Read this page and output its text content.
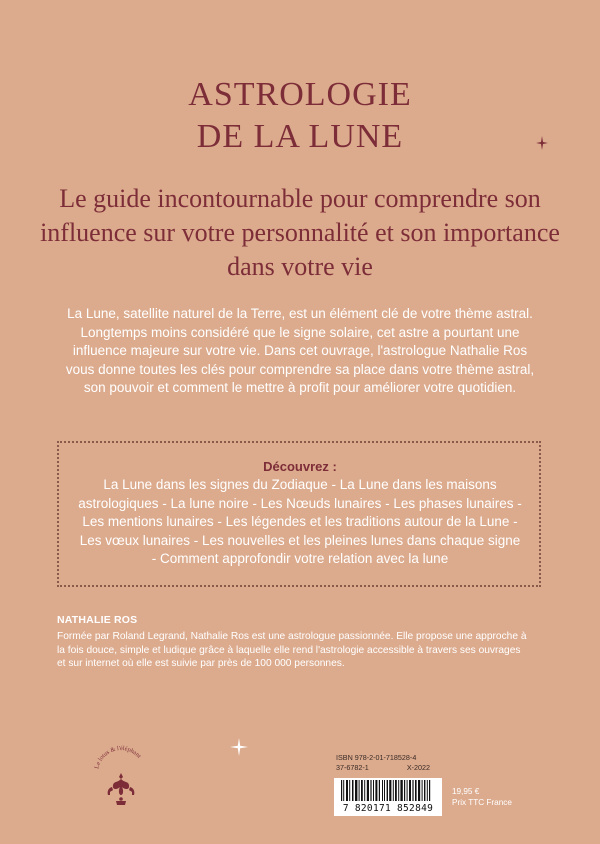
ASTROLOGIE
DE LA LUNE
Le guide incontournable pour comprendre son influence sur votre personnalité et son importance dans votre vie
La Lune, satellite naturel de la Terre, est un élément clé de votre thème astral. Longtemps moins considéré que le signe solaire, cet astre a pourtant une influence majeure sur votre vie. Dans cet ouvrage, l'astrologue Nathalie Ros vous donne toutes les clés pour comprendre sa place dans votre thème astral, son pouvoir et comment le mettre à profit pour améliorer votre quotidien.
Découvrez :
La Lune dans les signes du Zodiaque - La Lune dans les maisons astrologiques - La lune noire - Les Nœuds lunaires - Les phases lunaires - Les mentions lunaires - Les légendes et les traditions autour de la Lune - Les vœux lunaires - Les nouvelles et les pleines lunes dans chaque signe - Comment approfondir votre relation avec la lune
NATHALIE ROS
Formée par Roland Legrand, Nathalie Ros est une astrologue passionnée. Elle propose une approche à la fois douce, simple et ludique grâce à laquelle elle rend l'astrologie accessible à travers ses ouvrages et sur internet où elle est suivie par près de 100 000 personnes.
Le lotus & l'éléphant	ISBN 978-2-01-718528-4
37-6782-1	X-2022
7 820171 852849
19,95 €
Prix TTC France
